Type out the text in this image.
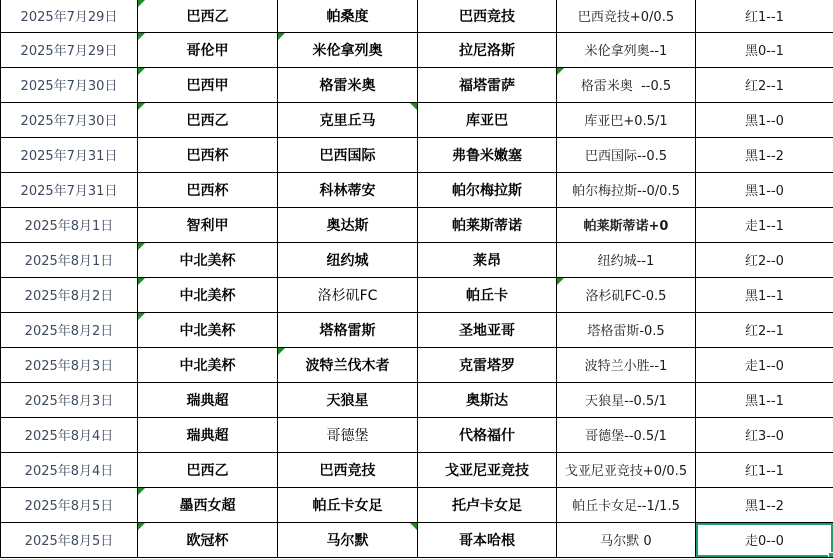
2025年7月29日	巴西乙	帕桑度	巴西竞技	巴西竞技+0/0.5	红1--1
2025年7月29日	哥伦甲	米伦拿列奥	拉尼洛斯	米伦拿列奥--1	黑0--1
2025年7月30日	巴西甲	格雷米奥	福塔雷萨	格雷米奥  --0.5	红2--1
2025年7月30日	巴西乙	克里丘马	库亚巴	库亚巴+0.5/1	黑1--0
2025年7月31日	巴西杯	巴西国际	弗鲁米嫩塞	巴西国际--0.5	黑1--2
2025年7月31日	巴西杯	科林蒂安	帕尔梅拉斯	帕尔梅拉斯--0/0.5	黑1--0
2025年8月1日	智利甲	奥达斯	帕莱斯蒂诺	帕莱斯蒂诺+0	走1--1
2025年8月1日	中北美杯	纽约城	莱昂	纽约城--1	红2--0
2025年8月2日	中北美杯	洛杉矶FC	帕丘卡	洛杉矶FC-0.5	黑1--1
2025年8月2日	中北美杯	塔格雷斯	圣地亚哥	塔格雷斯-0.5	红2--1
2025年8月3日	中北美杯	波特兰伐木者	克雷塔罗	波特兰小胜--1	走1--0
2025年8月3日	瑞典超	天狼星	奥斯达	天狼星--0.5/1	黑1--1
2025年8月4日	瑞典超	哥德堡	代格福什	哥德堡--0.5/1	红3--0
2025年8月4日	巴西乙	巴西竞技	戈亚尼亚竞技	戈亚尼亚竞技+0/0.5	红1--1
2025年8月5日	墨西女超	帕丘卡女足	托卢卡女足	帕丘卡女足--1/1.5	黑1--2
2025年8月5日	欧冠杯	马尔默	哥本哈根	马尔默 0	走0--0
